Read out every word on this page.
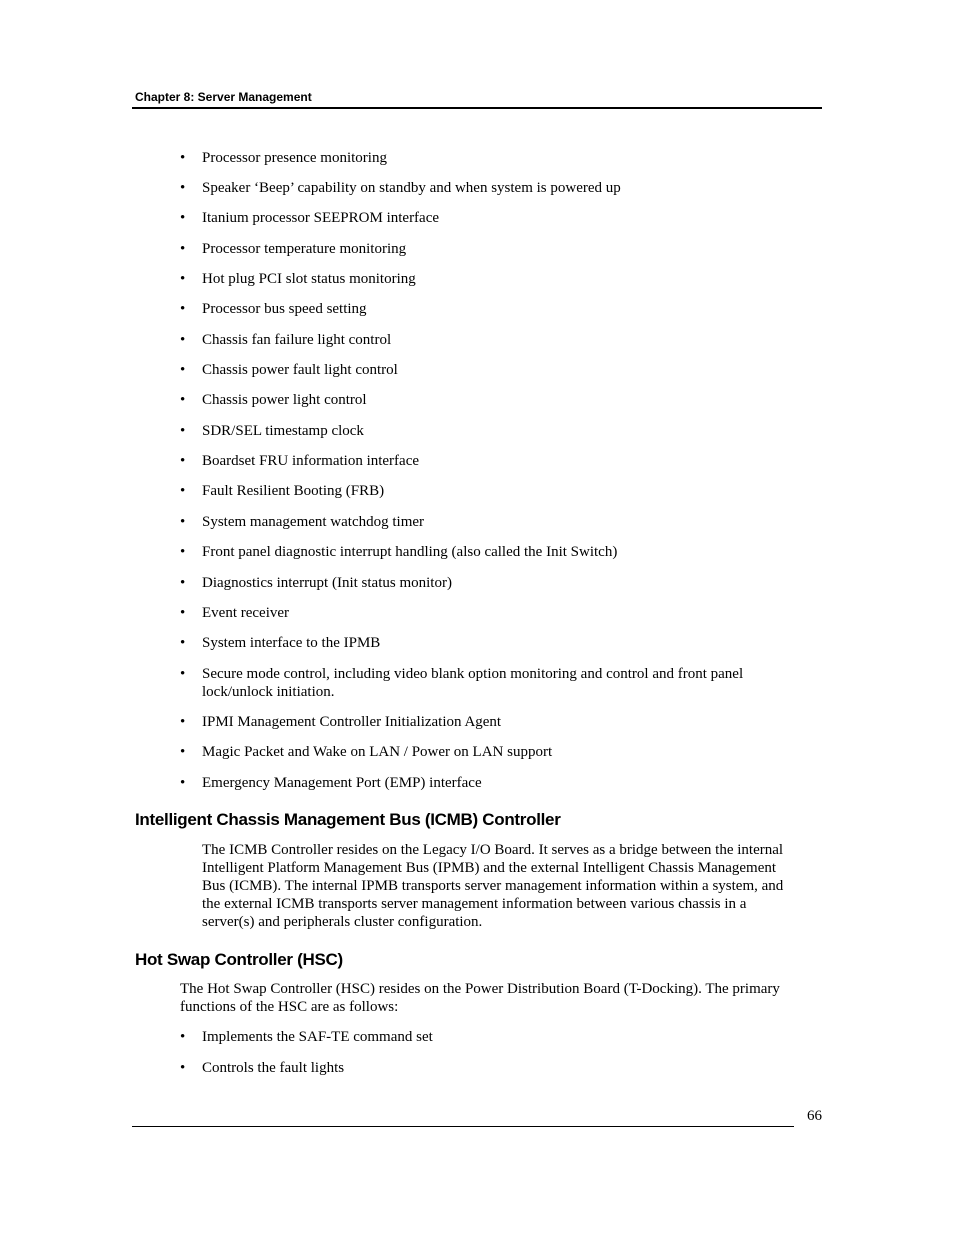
Chapter 8: Server Management
•	Processor presence monitoring
•	Speaker ‘Beep’ capability on standby and when system is powered up
•	Itanium processor SEEPROM interface
•	Processor temperature monitoring
•	Hot plug PCI slot status monitoring
•	Processor bus speed setting
•	Chassis fan failure light control
•	Chassis power fault light control
•	Chassis power light control
•	SDR/SEL timestamp clock
•	Boardset FRU information interface
•	Fault Resilient Booting (FRB)
•	System management watchdog timer
•	Front panel diagnostic interrupt handling (also called the Init Switch)
•	Diagnostics interrupt (Init status monitor)
•	Event receiver
•	System interface to the IPMB
•	Secure mode control, including video blank option monitoring and control and front panel lock/unlock initiation.
•	IPMI Management Controller Initialization Agent
•	Magic Packet and Wake on LAN / Power on LAN support
•	Emergency Management Port (EMP) interface
Intelligent Chassis Management Bus (ICMB) Controller

The ICMB Controller resides on the Legacy I/O Board. It serves as a bridge between the internal Intelligent Platform Management Bus (IPMB) and the external Intelligent Chassis Management Bus (ICMB). The internal IPMB transports server management information within a system, and the external ICMB transports server management information between various chassis in a server(s) and peripherals cluster configuration.

Hot Swap Controller (HSC)

The Hot Swap Controller (HSC) resides on the Power Distribution Board (T-Docking). The primary functions of the HSC are as follows:

•	Implements the SAF-TE command set
•	Controls the fault lights
66
